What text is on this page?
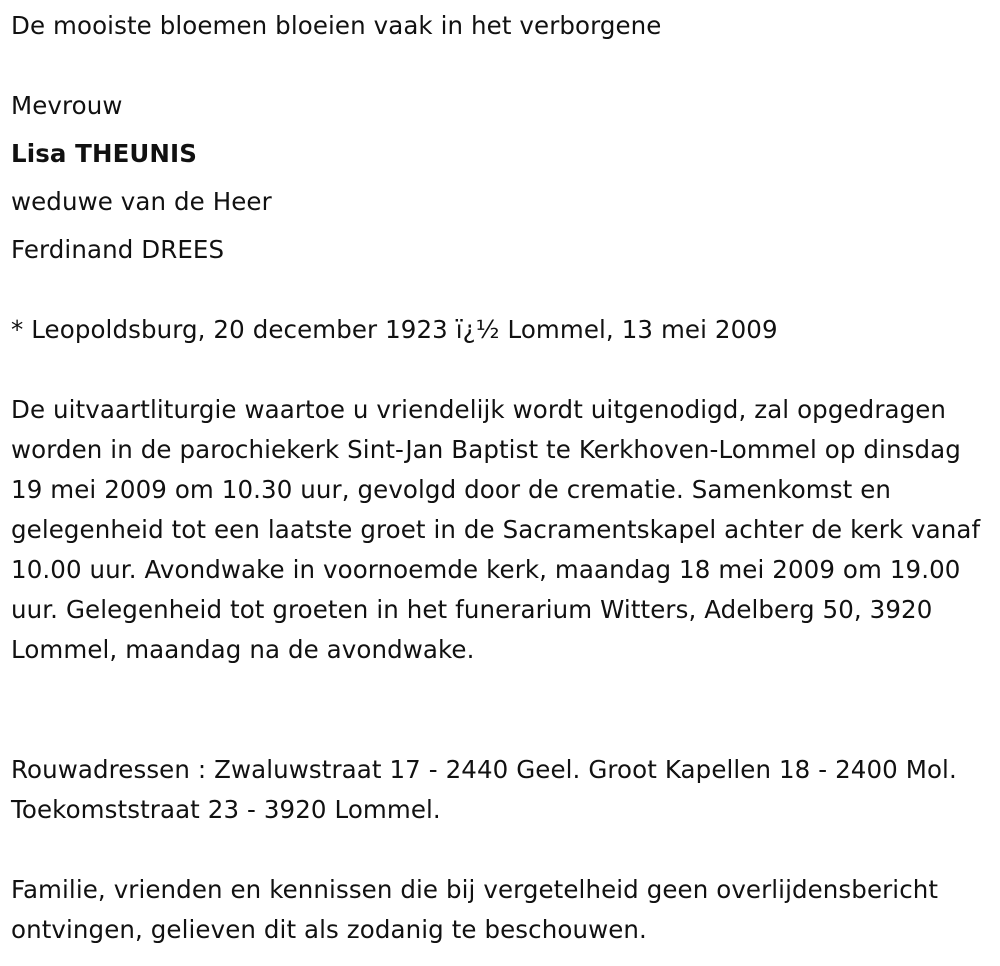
De mooiste bloemen bloeien vaak in het verborgene
Mevrouw
Lisa THEUNIS
weduwe van de Heer
Ferdinand DREES
* Leopoldsburg, 20 december 1923 ï¿½ Lommel, 13 mei 2009
De uitvaartliturgie waartoe u vriendelijk wordt uitgenodigd, zal opgedragen worden in de parochiekerk Sint-Jan Baptist te Kerkhoven-Lommel op dinsdag 19 mei 2009 om 10.30 uur, gevolgd door de crematie. Samenkomst en gelegenheid tot een laatste groet in de Sacramentskapel achter de kerk vanaf 10.00 uur. Avondwake in voornoemde kerk, maandag 18 mei 2009 om 19.00 uur. Gelegenheid tot groeten in het funerarium Witters, Adelberg 50, 3920 Lommel, maandag na de avondwake.
Rouwadressen : Zwaluwstraat 17 - 2440 Geel. Groot Kapellen 18 - 2400 Mol. Toekomststraat 23 - 3920 Lommel.
Familie, vrienden en kennissen die bij vergetelheid geen overlijdensbericht ontvingen, gelieven dit als zodanig te beschouwen.
